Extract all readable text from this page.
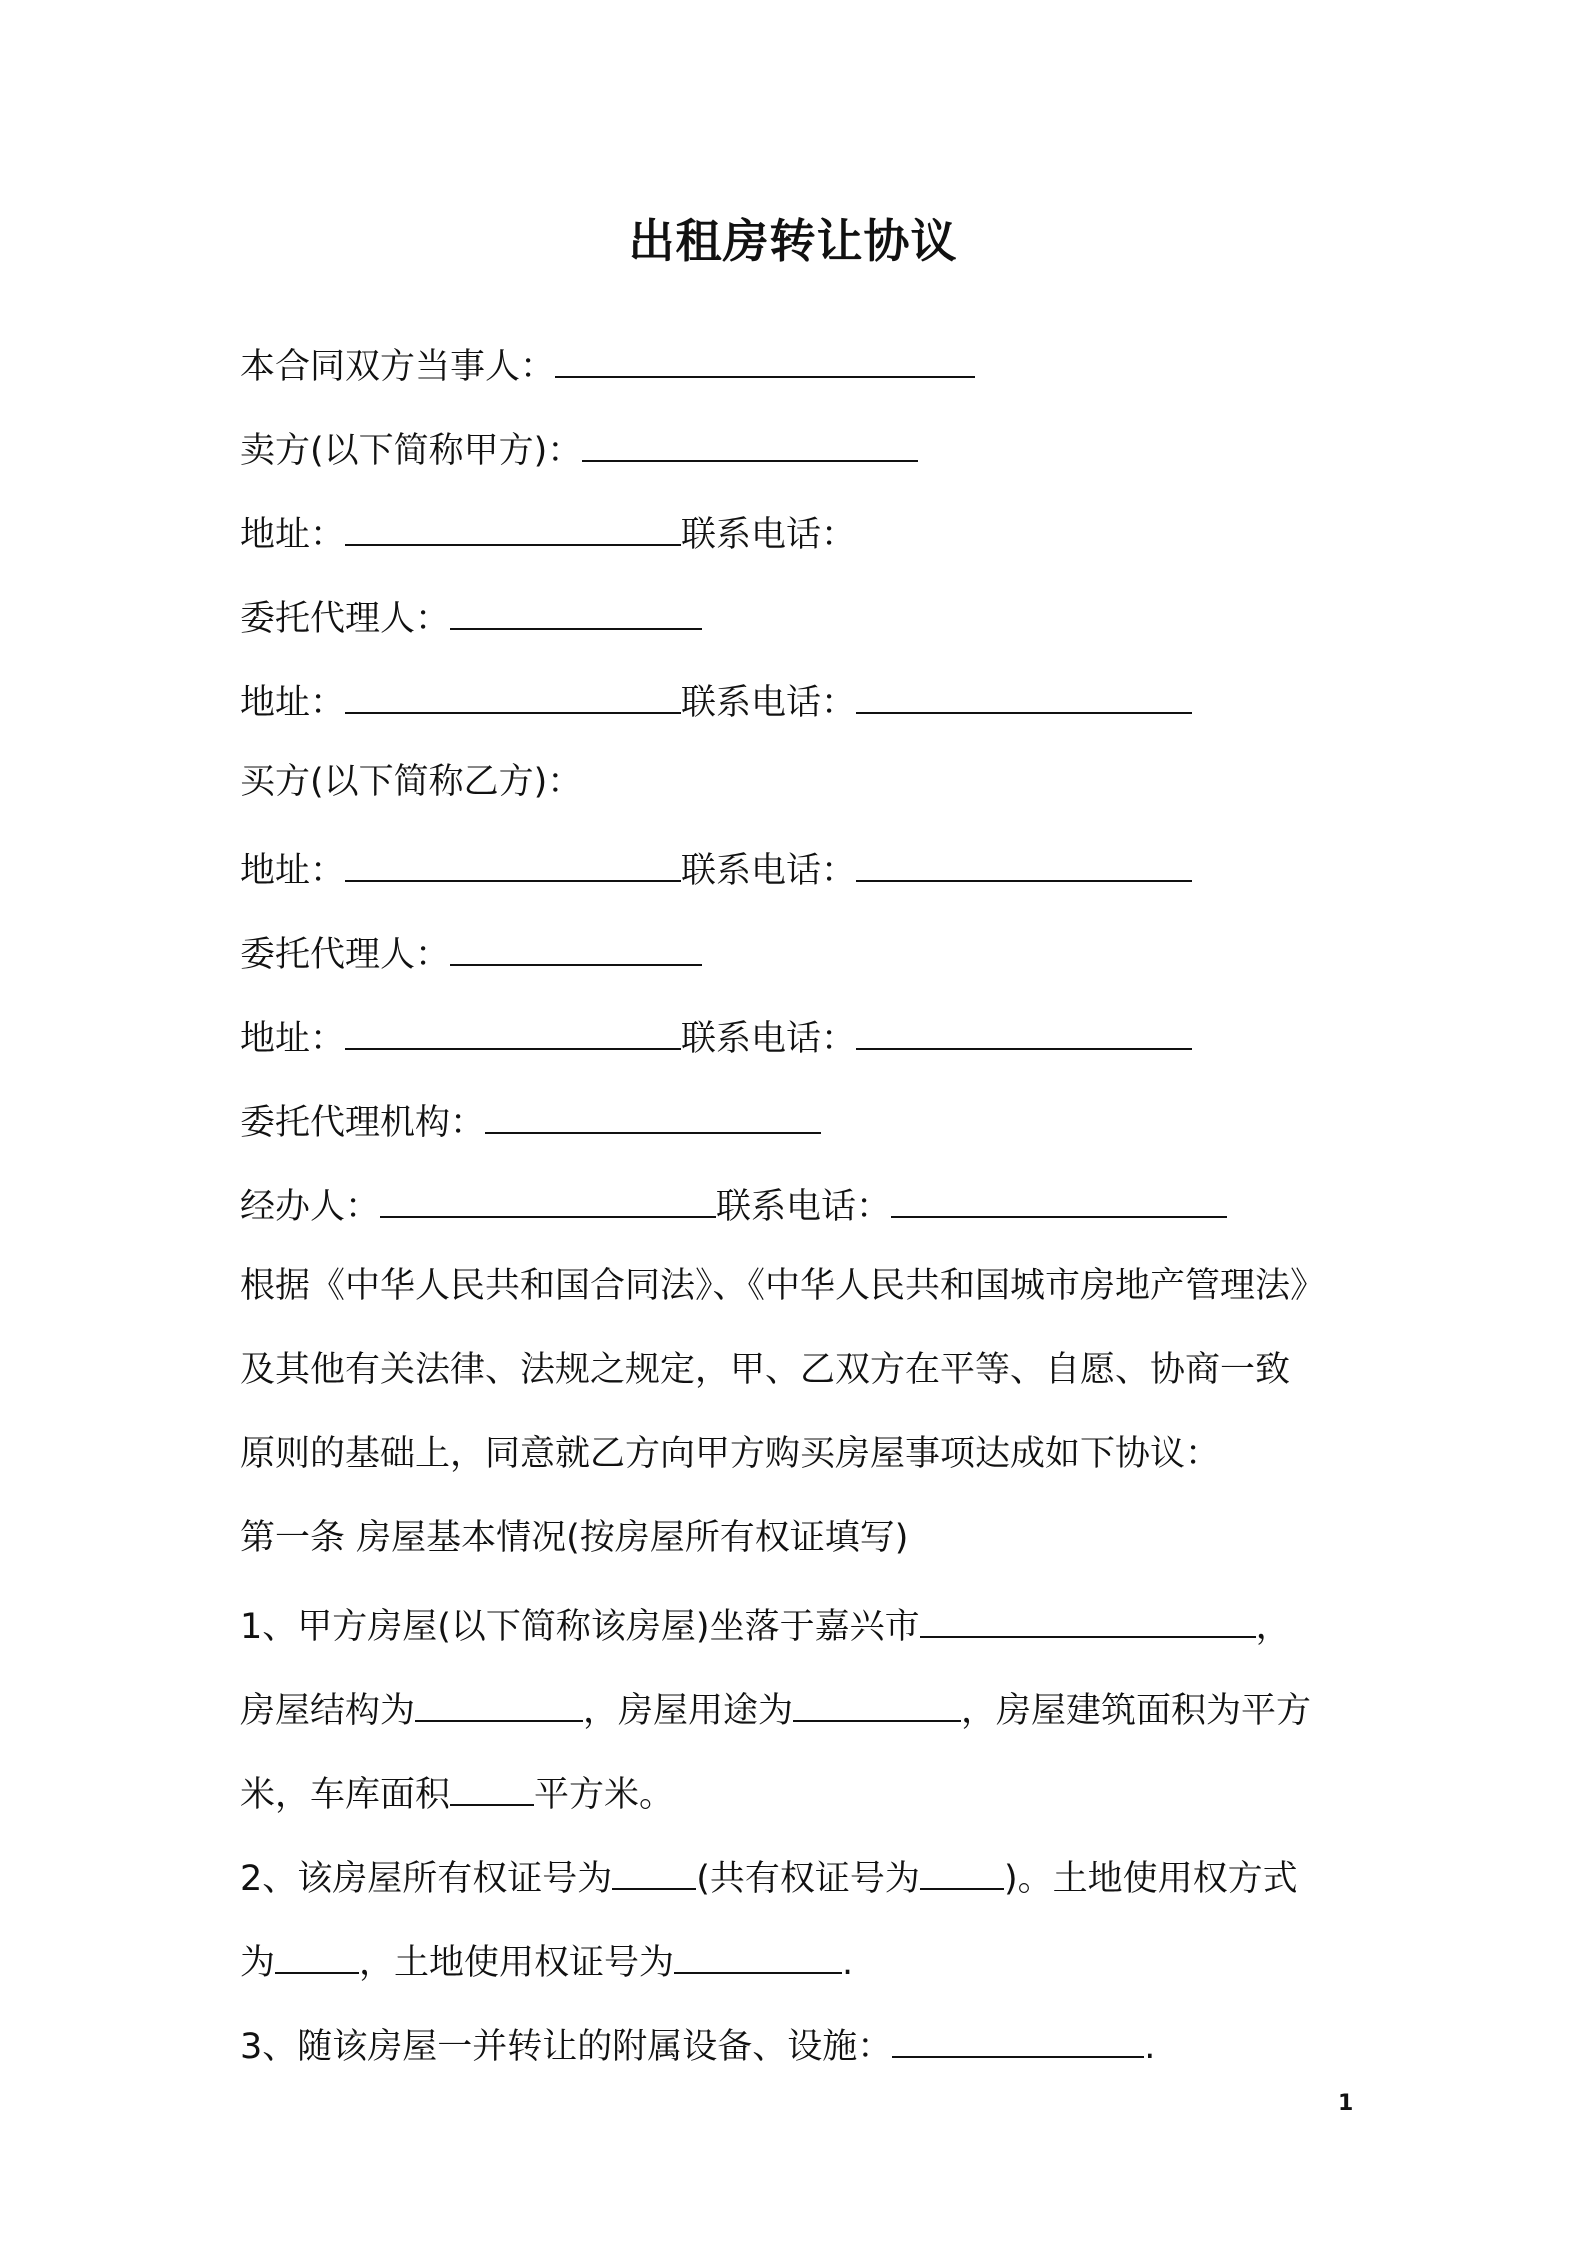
出租房转让协议
本合同双方当事人：
卖方(以下简称甲方)：
地址：	联系电话：
委托代理人：
地址：	联系电话：
买方(以下简称乙方)：
地址：	联系电话：
委托代理人：
地址：	联系电话：
委托代理机构：
经办人：	联系电话：
根据《中华人民共和国合同法》、《中华人民共和国城市房地产管理法》
及其他有关法律、法规之规定，甲、乙双方在平等、自愿、协商一致
原则的基础上，同意就乙方向甲方购买房屋事项达成如下协议：
第一条 房屋基本情况(按房屋所有权证填写)
1、甲方房屋(以下简称该房屋)坐落于嘉兴市	，
房屋结构为	，房屋用途为	，房屋建筑面积为平方
米，车库面积 平方米。
2、该房屋所有权证号为 (共有权证号为 )。土地使用权方式
为 ，土地使用权证号为	.
3、随该房屋一并转让的附属设备、设施：	.
1
